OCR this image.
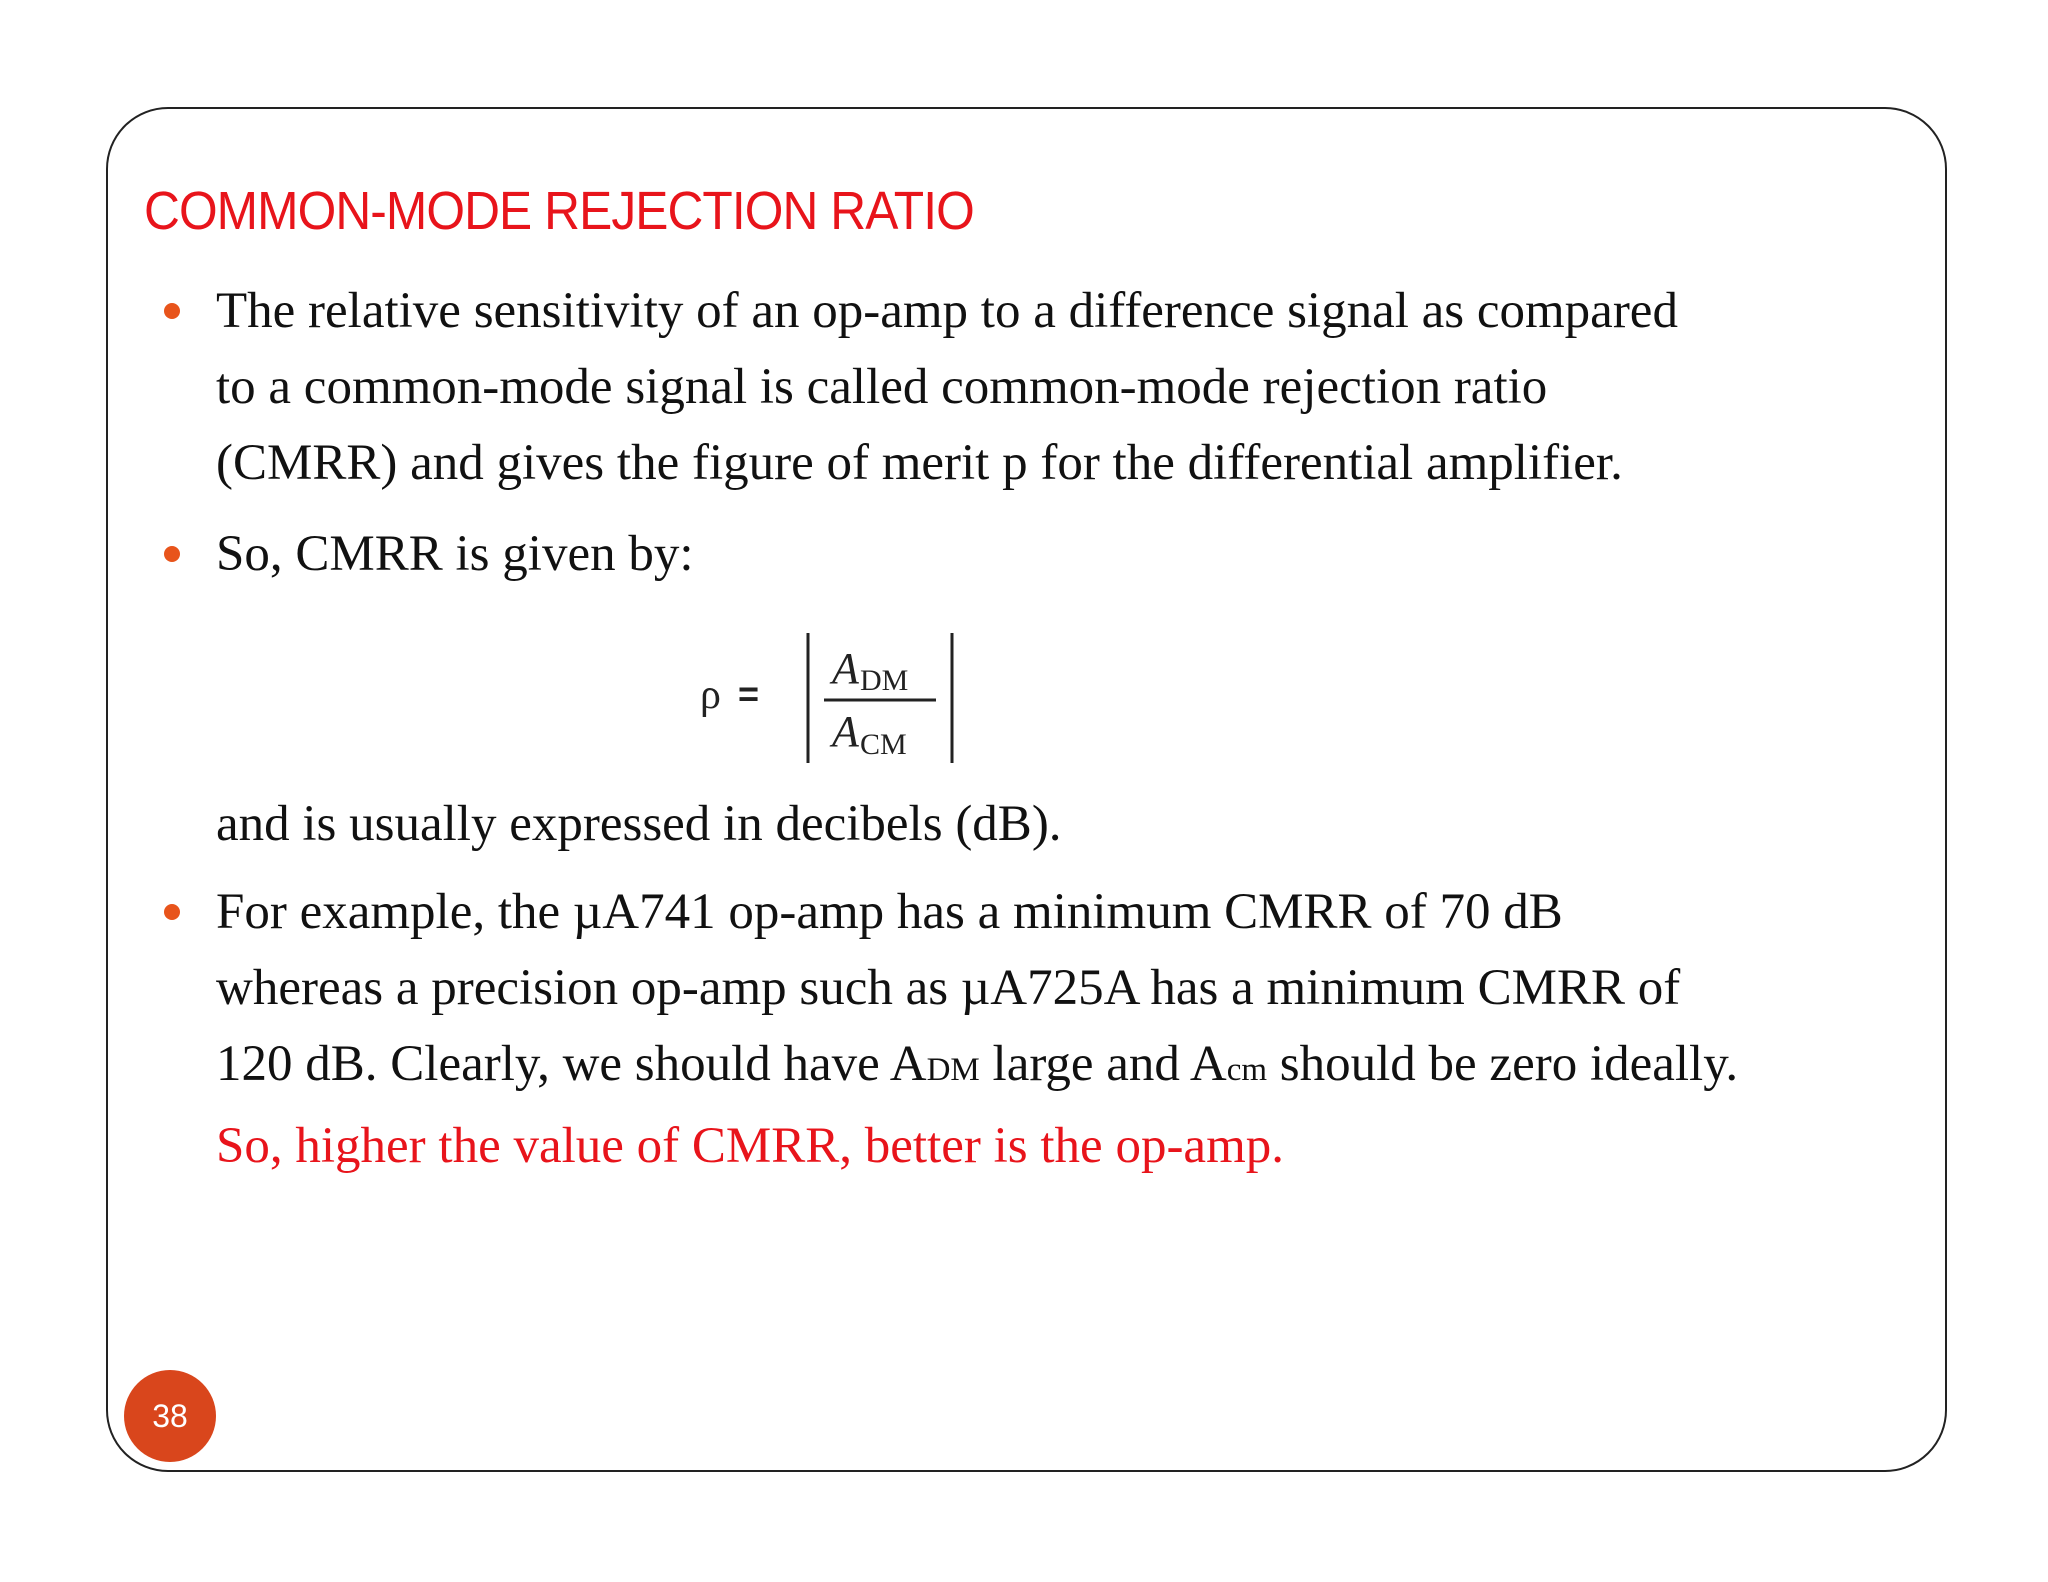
COMMON-MODE REJECTION RATIO
The relative sensitivity of an op-amp to a difference signal as compared
to a common-mode signal is called common-mode rejection ratio
(CMRR) and gives the figure of merit p for the differential amplifier.
So, CMRR is given by:
ρ =
A DM
A CM
and is usually expressed in decibels (dB).
For example, the µA741 op-amp has a minimum CMRR of 70 dB
whereas a precision op-amp such as µA725A has a minimum CMRR of
120 dB. Clearly, we should have ADM large and Acm should be zero ideally.
So, higher the value of CMRR, better is the op-amp.
38
